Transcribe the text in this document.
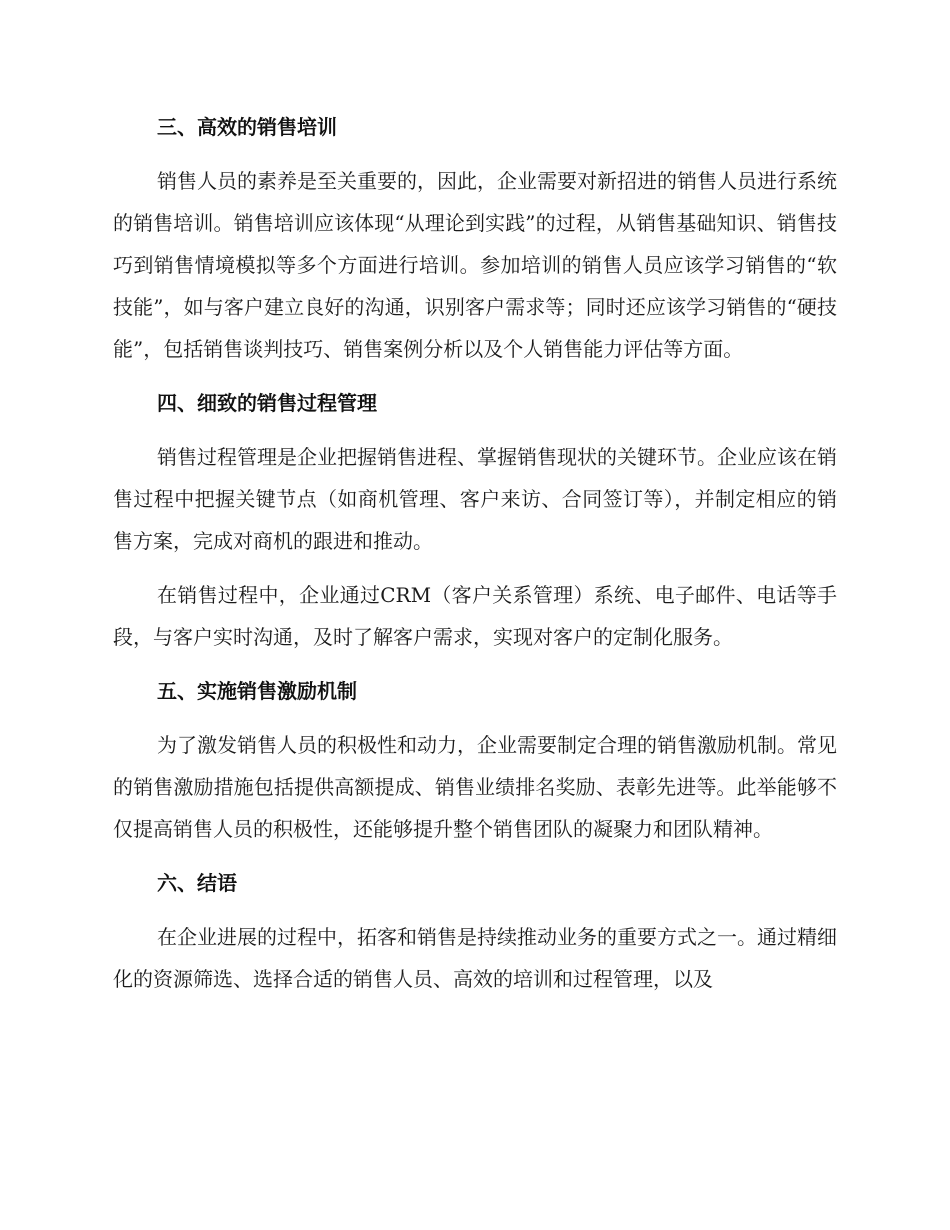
三、高效的销售培训

销售人员的素养是至关重要的，因此，企业需要对新招进的销售人员进行系统的销售培训。销售培训应该体现“从理论到实践”的过程，从销售基础知识、销售技巧到销售情境模拟等多个方面进行培训。参加培训的销售人员应该学习销售的“软技能”，如与客户建立良好的沟通，识别客户需求等；同时还应该学习销售的“硬技能”，包括销售谈判技巧、销售案例分析以及个人销售能力评估等方面。

四、细致的销售过程管理

销售过程管理是企业把握销售进程、掌握销售现状的关键环节。企业应该在销售过程中把握关键节点（如商机管理、客户来访、合同签订等），并制定相应的销售方案，完成对商机的跟进和推动。

在销售过程中，企业通过CRM（客户关系管理）系统、电子邮件、电话等手段，与客户实时沟通，及时了解客户需求，实现对客户的定制化服务。

五、实施销售激励机制

为了激发销售人员的积极性和动力，企业需要制定合理的销售激励机制。常见的销售激励措施包括提供高额提成、销售业绩排名奖励、表彰先进等。此举能够不仅提高销售人员的积极性，还能够提升整个销售团队的凝聚力和团队精神。

六、结语

在企业进展的过程中，拓客和销售是持续推动业务的重要方式之一。通过精细化的资源筛选、选择合适的销售人员、高效的培训和过程管理，以及
